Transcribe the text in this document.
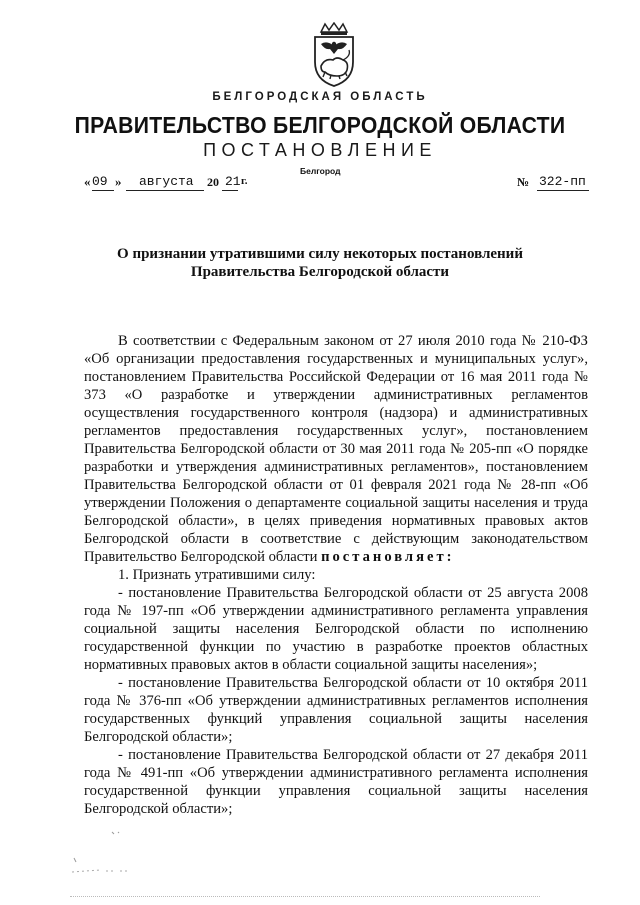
БЕЛГОРОДСКАЯ ОБЛАСТЬ
ПРАВИТЕЛЬСТВО БЕЛГОРОДСКОЙ ОБЛАСТИ
ПОСТАНОВЛЕНИЕ
Белгород
« 09 » августа 20 21 г.	№ 322-пп
О признании утратившими силу некоторых постановлений
Правительства Белгородской области

В соответствии с Федеральным законом от 27 июля 2010 года № 210-ФЗ «Об организации предоставления государственных и муниципальных услуг», постановлением Правительства Российской Федерации от 16 мая 2011 года № 373 «О разработке и утверждении административных регламентов осуществления государственного контроля (надзора) и административных регламентов предоставления государственных услуг», постановлением Правительства Белгородской области от 30 мая 2011 года № 205-пп «О порядке разработки и утверждения административных регламентов», постановлением Правительства Белгородской области от 01 февраля 2021 года № 28-пп «Об утверждении Положения о департаменте социальной защиты населения и труда Белгородской области», в целях приведения нормативных правовых актов Белгородской области в соответствие с действующим законодательством Правительство Белгородской области постановляет:

1. Признать утратившими силу:

- постановление Правительства Белгородской области от 25 августа 2008 года № 197-пп «Об утверждении административного регламента управления социальной защиты населения Белгородской области по исполнению государственной функции по участию в разработке проектов областных нормативных правовых актов в области социальной защиты населения»;

- постановление Правительства Белгородской области от 10 октября 2011 года № 376-пп «Об утверждении административных регламентов исполнения государственных функций управления социальной защиты населения Белгородской области»;

- постановление Правительства Белгородской области от 27 декабря 2011 года № 491-пп «Об утверждении административного регламента исполнения государственной функции управления социальной защиты населения Белгородской области»;
